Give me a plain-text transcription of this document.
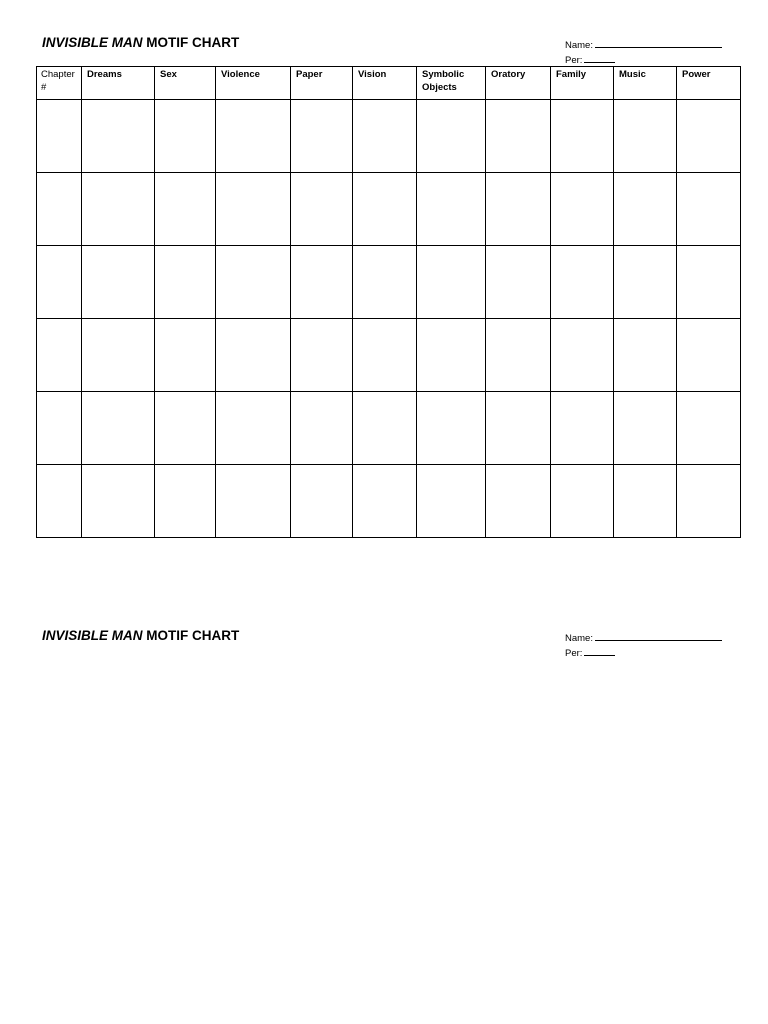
INVISIBLE MAN MOTIF CHART	Name:
Per:
Chapter #	Dreams	Sex	Violence	Paper	Vision	Symbolic Objects	Oratory	Family	Music	Power

INVISIBLE MAN MOTIF CHART	Name:
Per:
